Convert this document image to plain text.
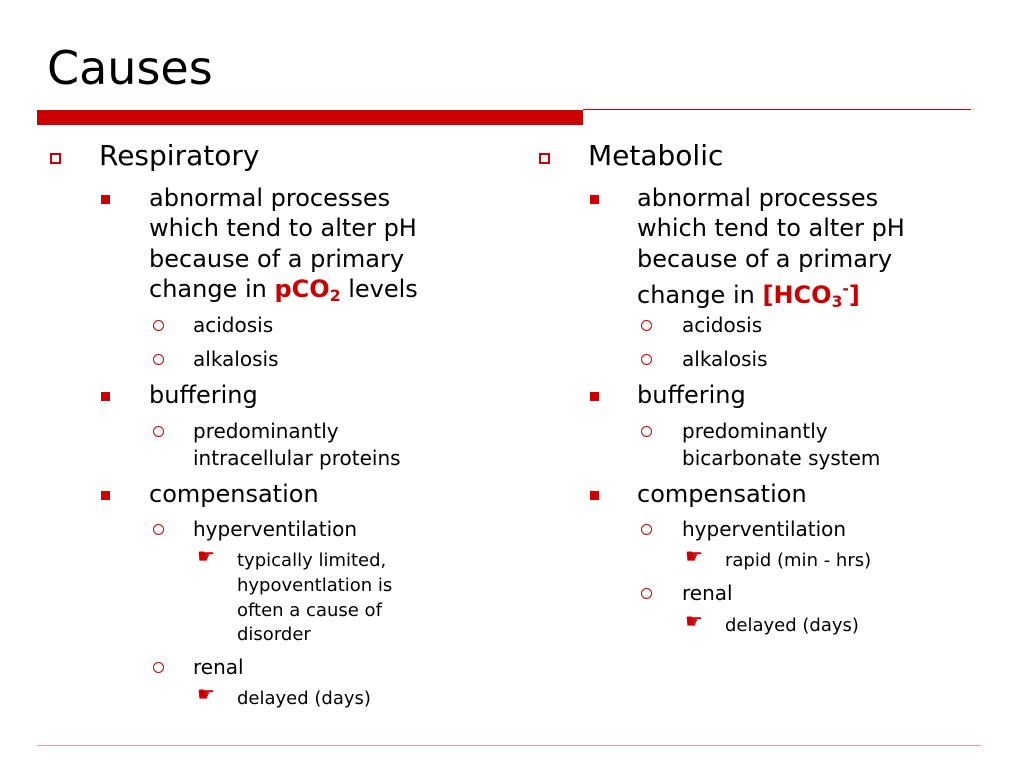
Causes
Respiratory
abnormal processes
which tend to alter pH
because of a primary
change in pCO$_2$ levels
acidosis
alkalosis
buffering
predominantly
intracellular proteins
compensation
hyperventilation
☛ typically limited,
hypoventlation is
often a cause of
disorder
renal
☛ delayed (days)
Metabolic
abnormal processes
which tend to alter pH
because of a primary
change in $[HCO_3^-]$
acidosis
alkalosis
buffering
predominantly
bicarbonate system
compensation
hyperventilation
☛ rapid (min - hrs)
renal
☛ delayed (days)
